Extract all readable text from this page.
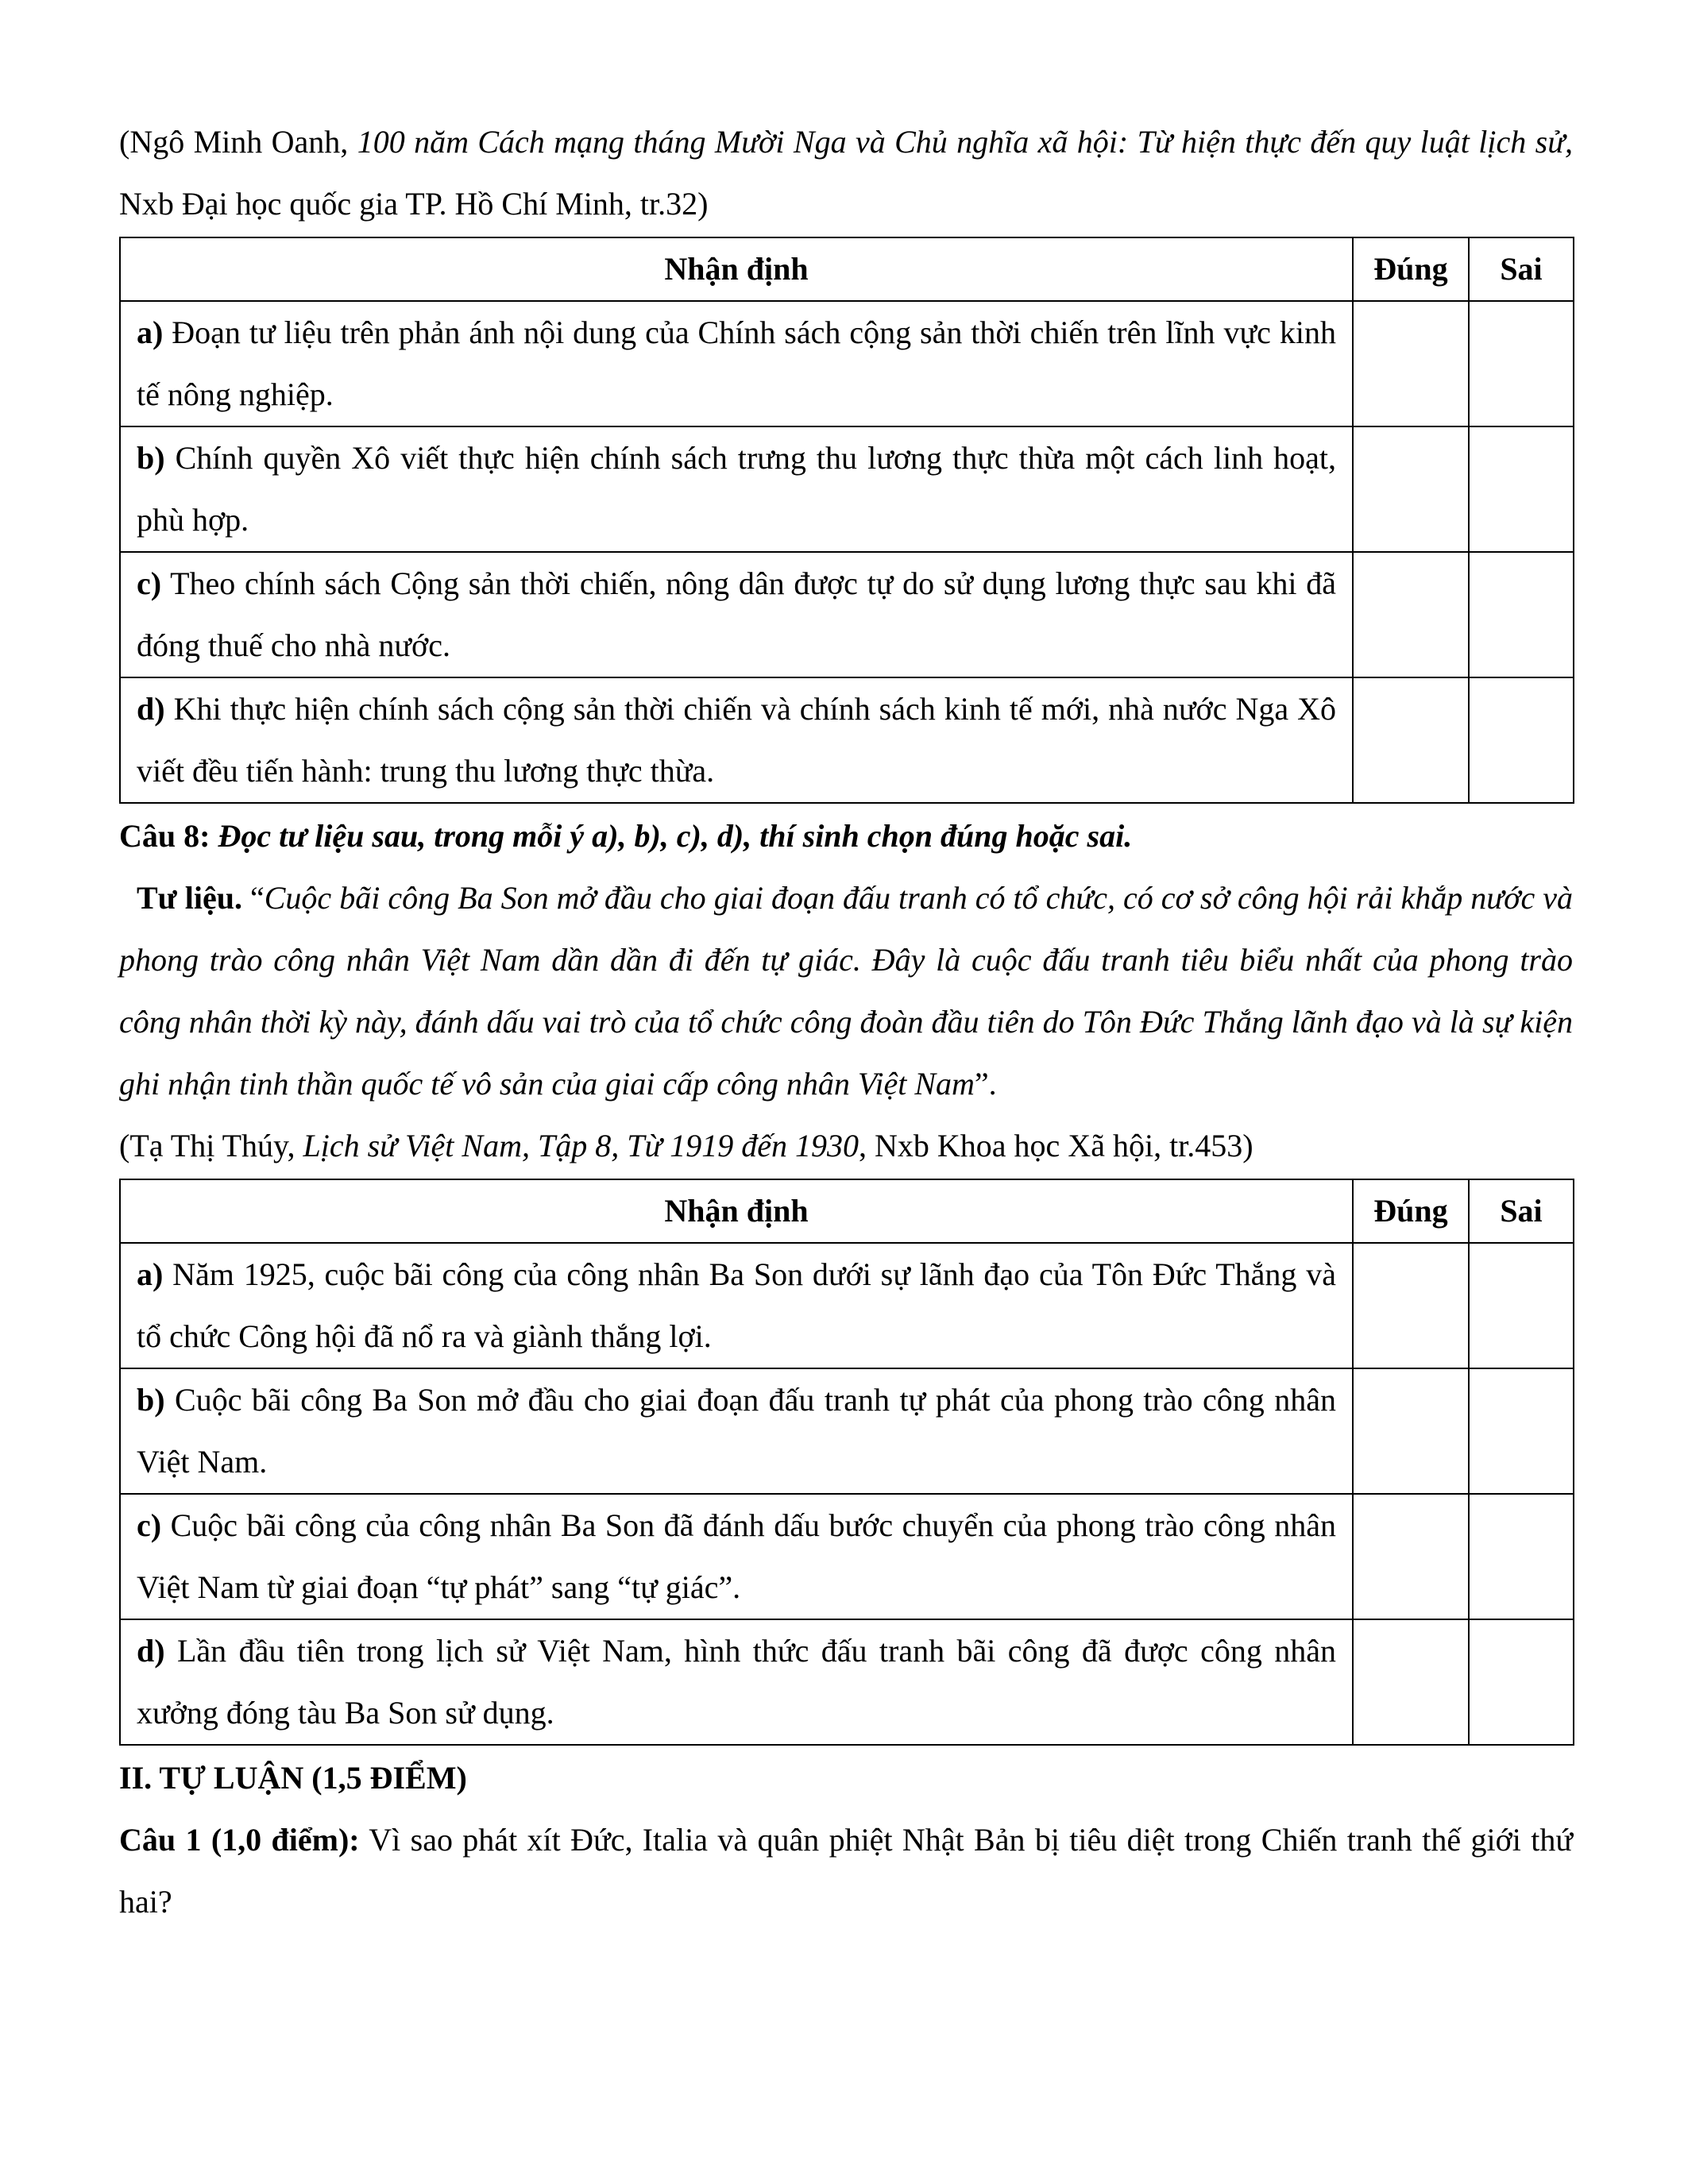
(Ngô Minh Oanh, 100 năm Cách mạng tháng Mười Nga và Chủ nghĩa xã hội: Từ hiện thực đến quy luật lịch sử, Nxb Đại học quốc gia TP. Hồ Chí Minh, tr.32)

Nhận định	Đúng	Sai
a) Đoạn tư liệu trên phản ánh nội dung của Chính sách cộng sản thời chiến trên lĩnh vực kinh tế nông nghiệp.		
b) Chính quyền Xô viết thực hiện chính sách trưng thu lương thực thừa một cách linh hoạt, phù hợp.		
c) Theo chính sách Cộng sản thời chiến, nông dân được tự do sử dụng lương thực sau khi đã đóng thuế cho nhà nước.		
d) Khi thực hiện chính sách cộng sản thời chiến và chính sách kinh tế mới, nhà nước Nga Xô viết đều tiến hành: trung thu lương thực thừa.		

Câu 8: Đọc tư liệu sau, trong mỗi ý a), b), c), d), thí sinh chọn đúng hoặc sai.

Tư liệu. “Cuộc bãi công Ba Son mở đầu cho giai đoạn đấu tranh có tổ chức, có cơ sở công hội rải khắp nước và phong trào công nhân Việt Nam dần dần đi đến tự giác. Đây là cuộc đấu tranh tiêu biểu nhất của phong trào công nhân thời kỳ này, đánh dấu vai trò của tổ chức công đoàn đầu tiên do Tôn Đức Thắng lãnh đạo và là sự kiện ghi nhận tinh thần quốc tế vô sản của giai cấp công nhân Việt Nam”.

(Tạ Thị Thúy, Lịch sử Việt Nam, Tập 8, Từ 1919 đến 1930, Nxb Khoa học Xã hội, tr.453)

Nhận định	Đúng	Sai
a) Năm 1925, cuộc bãi công của công nhân Ba Son dưới sự lãnh đạo của Tôn Đức Thắng và tổ chức Công hội đã nổ ra và giành thắng lợi.		
b) Cuộc bãi công Ba Son mở đầu cho giai đoạn đấu tranh tự phát của phong trào công nhân Việt Nam.		
c) Cuộc bãi công của công nhân Ba Son đã đánh dấu bước chuyển của phong trào công nhân Việt Nam từ giai đoạn “tự phát” sang “tự giác”.		
d) Lần đầu tiên trong lịch sử Việt Nam, hình thức đấu tranh bãi công đã được công nhân xưởng đóng tàu Ba Son sử dụng.		

II. TỰ LUẬN (1,5 ĐIỂM)

Câu 1 (1,0 điểm): Vì sao phát xít Đức, Italia và quân phiệt Nhật Bản bị tiêu diệt trong Chiến tranh thế giới thứ hai?
